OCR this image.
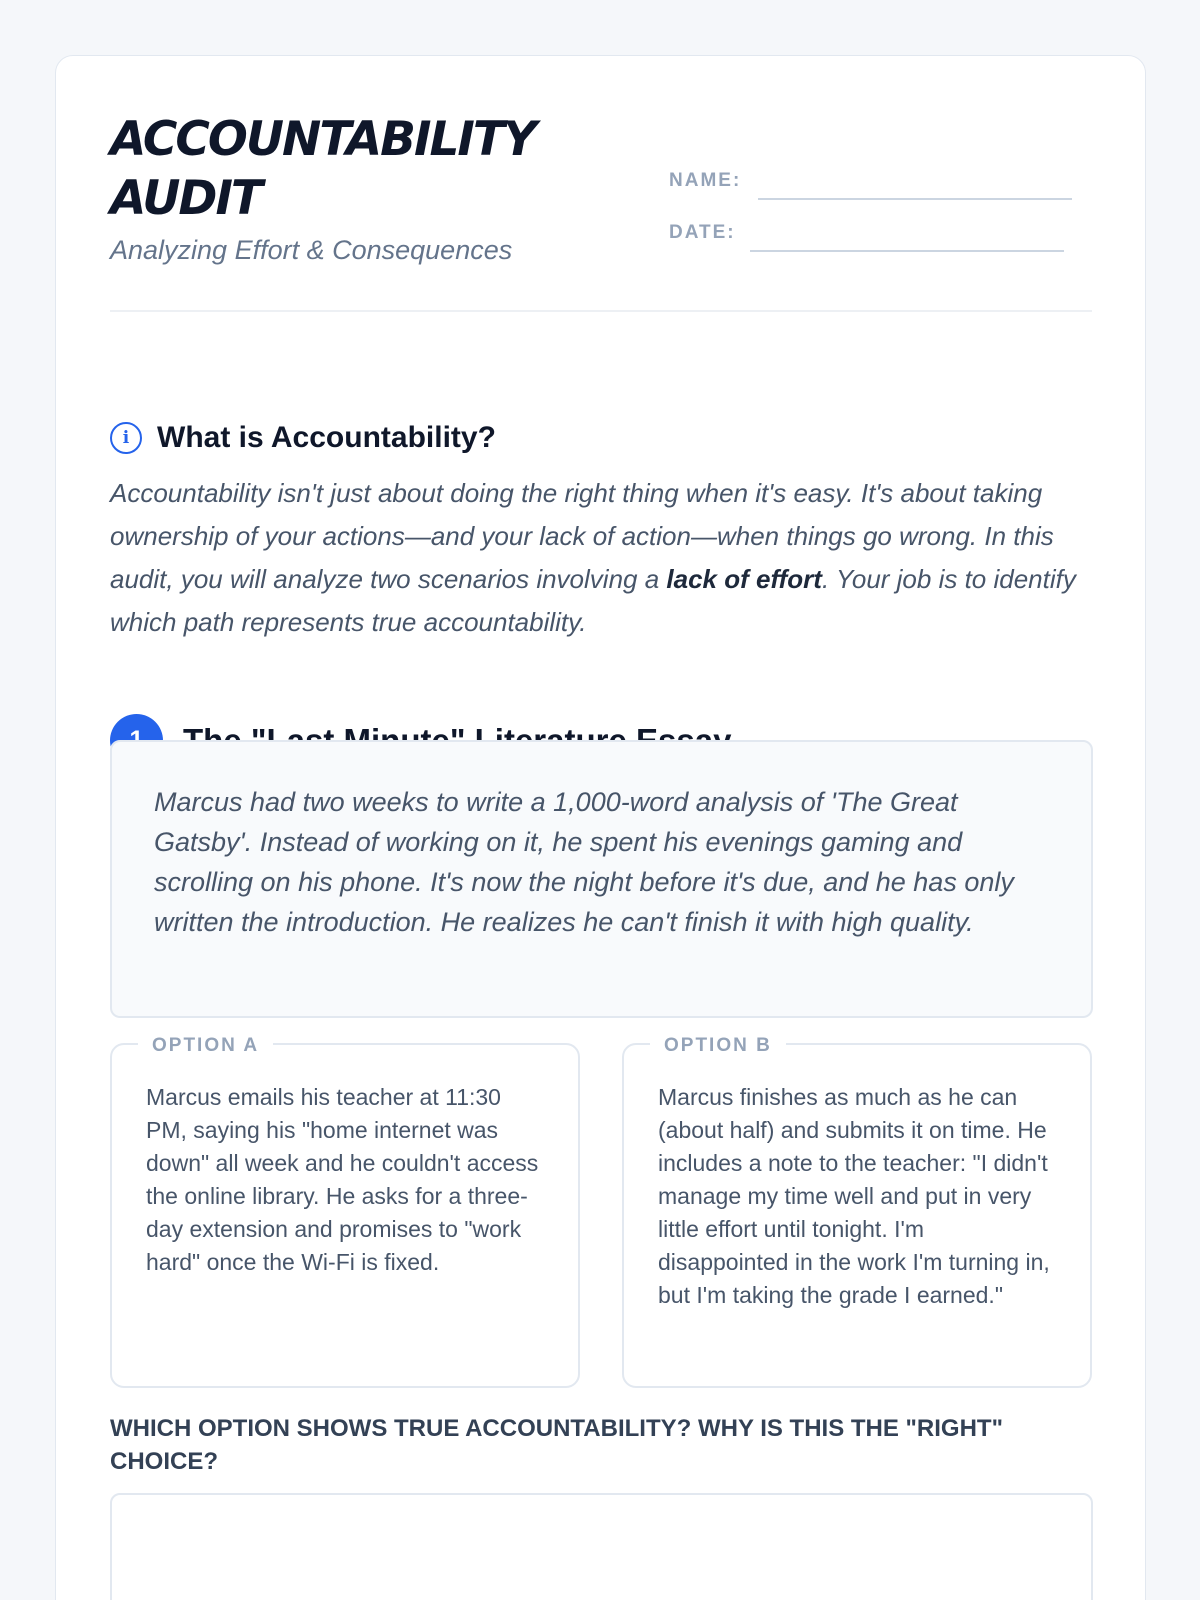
ACCOUNTABILITY AUDIT
Analyzing Effort & Consequences
NAME:
DATE:
i What is Accountability?

Accountability isn't just about doing the right thing when it's easy. It's about taking ownership of your actions—and your lack of action—when things go wrong. In this audit, you will analyze two scenarios involving a lack of effort. Your job is to identify which path represents true accountability.

Marcus had two weeks to write a 1,000-word analysis of 'The Great Gatsby'. Instead of working on it, he spent his evenings gaming and scrolling on his phone. It's now the night before it's due, and he has only written the introduction. He realizes he can't finish it with high quality.
OPTION A
Marcus emails his teacher at 11:30 PM, saying his "home internet was down" all week and he couldn't access the online library. He asks for a three-day extension and promises to "work hard" once the Wi-Fi is fixed.
OPTION B
Marcus finishes as much as he can (about half) and submits it on time. He includes a note to the teacher: "I didn't manage my time well and put in very little effort until tonight. I'm disappointed in the work I'm turning in, but I'm taking the grade I earned."
WHICH OPTION SHOWS TRUE ACCOUNTABILITY? WHY IS THIS THE "RIGHT" CHOICE?
